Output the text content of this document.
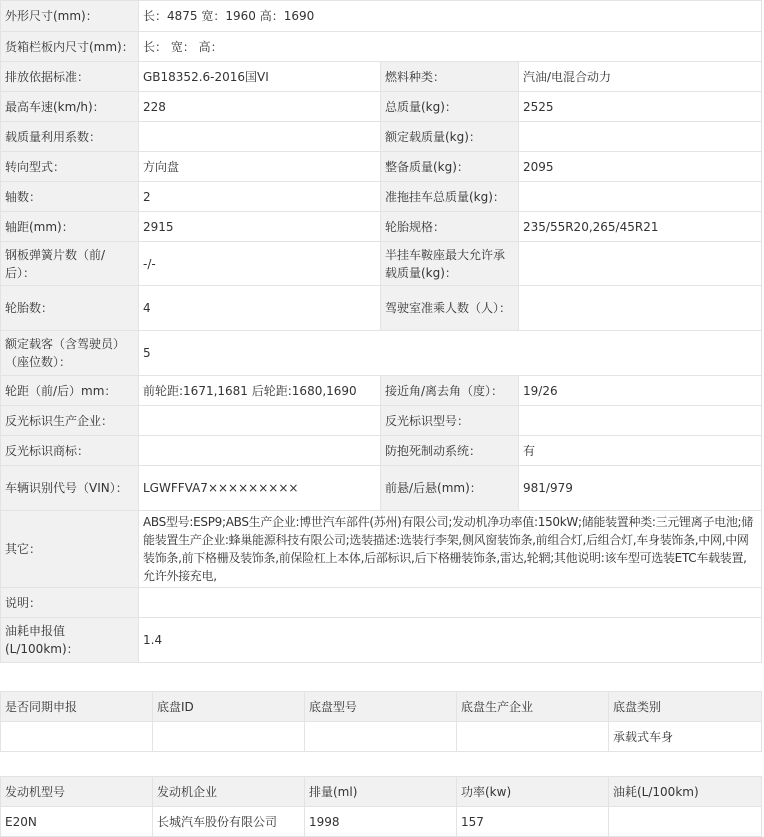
外形尺寸(mm)：	长：4875 宽：1960 高：1690		
货箱栏板内尺寸(mm)：	长： 宽： 高：		
排放依据标准：	GB18352.6-2016国VI	燃料种类：	汽油/电混合动力
最高车速(km/h)：	228	总质量(kg)：	2525
载质量利用系数：		额定载质量(kg)：	
转向型式：	方向盘	整备质量(kg)：	2095
轴数：	2	准拖挂车总质量(kg)：	
轴距(mm)：	2915	轮胎规格：	235/55R20,265/45R21
钢板弹簧片数（前/后）：	-/-	半挂车鞍座最大允许承载质量(kg)：	
轮胎数：	4	驾驶室准乘人数（人）：	
额定载客（含驾驶员）（座位数）：	5		
轮距（前/后）mm：	前轮距:1671,1681 后轮距:1680,1690	接近角/离去角（度）：	19/26
反光标识生产企业：		反光标识型号：	
反光标识商标：		防抱死制动系统：	有
车辆识别代号（VIN）：	LGWFFVA7×××××××××	前悬/后悬(mm)：	981/979
其它：	ABS型号:ESP9;ABS生产企业:博世汽车部件(苏州)有限公司;发动机净功率值:150kW;储能装置种类:三元锂离子电池;储能装置生产企业:蜂巢能源科技有限公司;选装描述:选装行李架,侧风窗装饰条,前组合灯,后组合灯,车身装饰条,中网,中网装饰条,前下格栅及装饰条,前保险杠上本体,后部标识,后下格栅装饰条,雷达,轮辋;其他说明:该车型可选装ETC车载装置,允许外接充电,		
说明：			
油耗申报值(L/100km)：	1.4		
是否同期申报	底盘ID	底盘型号	底盘生产企业	底盘类别
				承载式车身
发动机型号	发动机企业	排量(ml)	功率(kw)	油耗(L/100km)
E20N	长城汽车股份有限公司	1998	157	
